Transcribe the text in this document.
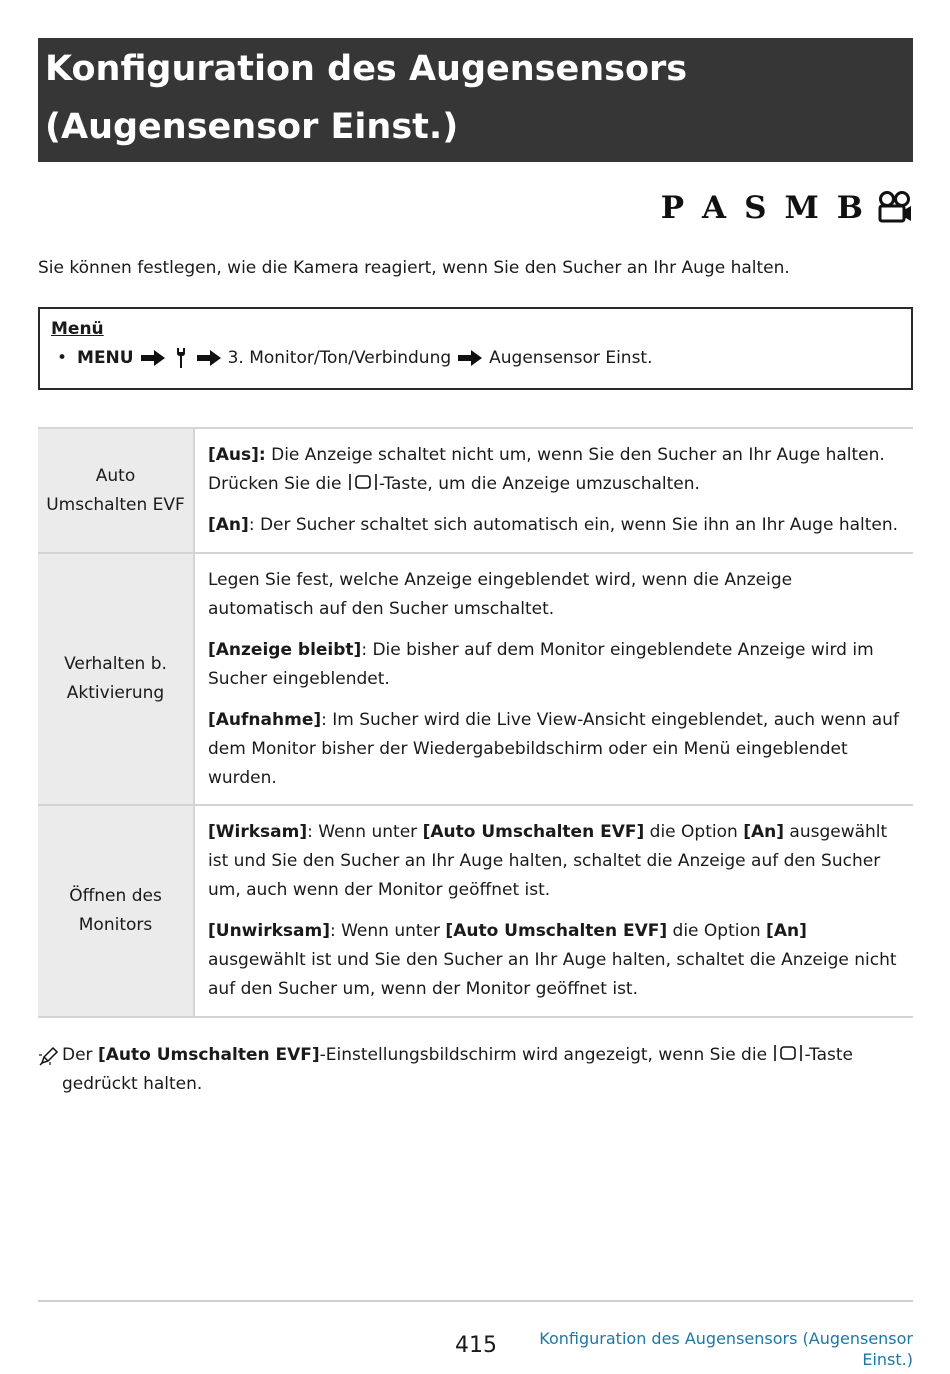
Konfiguration des Augensensors
(Augensensor Einst.)
P A S M B
Sie können festlegen, wie die Kamera reagiert, wenn Sie den Sucher an Ihr Auge halten.
Menü
• MENU	3. Monitor/Ton/Verbindung Augensensor Einst.
Auto Umschalten EVF	[Aus]: Die Anzeige schaltet nicht um, wenn Sie den Sucher an Ihr Auge halten. Drücken Sie die -Taste, um die Anzeige umzuschalten.

[An]: Der Sucher schaltet sich automatisch ein, wenn Sie ihn an Ihr Auge halten.

Verhalten b. Aktivierung	Legen Sie fest, welche Anzeige eingeblendet wird, wenn die Anzeige automatisch auf den Sucher umschaltet.

[Anzeige bleibt]: Die bisher auf dem Monitor eingeblendete Anzeige wird im Sucher eingeblendet.

[Aufnahme]: Im Sucher wird die Live View-Ansicht eingeblendet, auch wenn auf dem Monitor bisher der Wiedergabebildschirm oder ein Menü eingeblendet wurden.

Öffnen des Monitors	[Wirksam]: Wenn unter [Auto Umschalten EVF] die Option [An] ausgewählt ist und Sie den Sucher an Ihr Auge halten, schaltet die Anzeige auf den Sucher um, auch wenn der Monitor geöffnet ist.

[Unwirksam]: Wenn unter [Auto Umschalten EVF] die Option [An] ausgewählt ist und Sie den Sucher an Ihr Auge halten, schaltet die Anzeige nicht auf den Sucher um, wenn der Monitor geöffnet ist.

Der [Auto Umschalten EVF]-Einstellungsbildschirm wird angezeigt, wenn Sie die -Taste gedrückt halten.
415	Konfiguration des Augensensors (Augensensor Einst.)
